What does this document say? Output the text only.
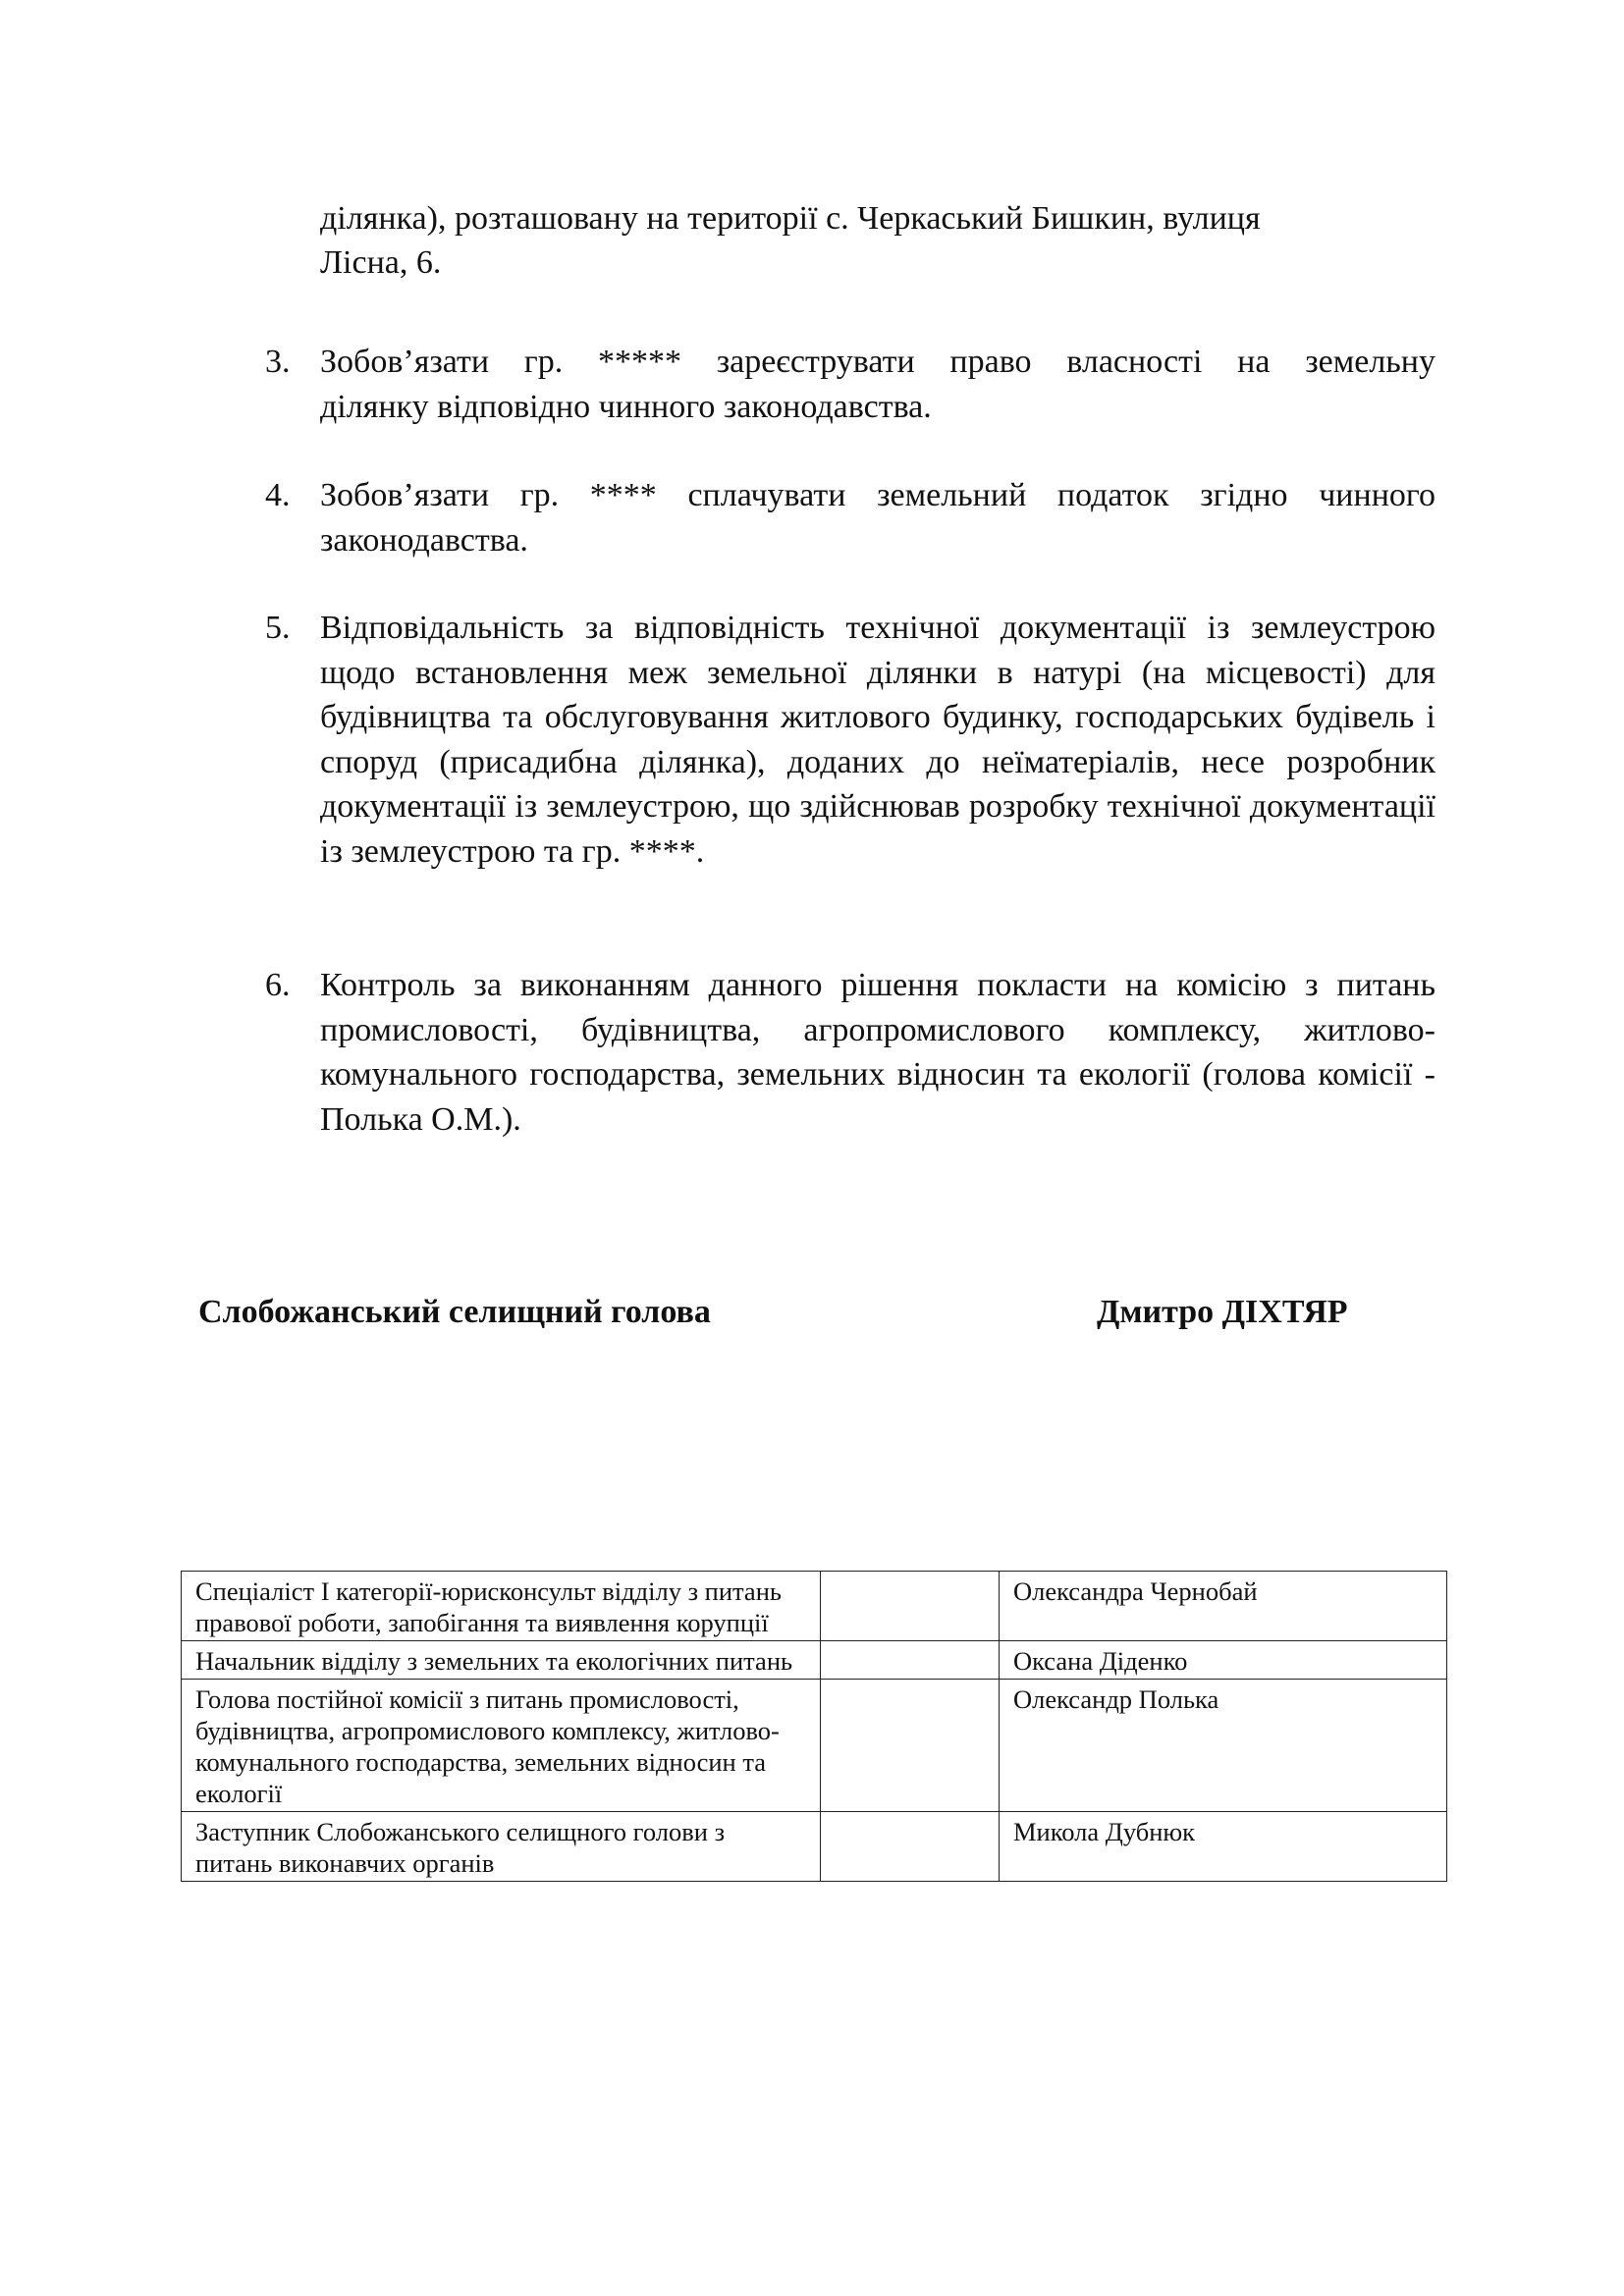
ділянка), розташовану на території с. Черкаський Бишкин, вулиця
Лісна, 6.
3. Зобов’язати гр. ***** зареєструвати право власності на земельну
ділянку відповідно чинного законодавства.
4. Зобов’язати гр. **** сплачувати земельний податок згідно чинного
законодавства.
5. Відповідальність за відповідність технічної документації із землеустрою щодо встановлення меж земельної ділянки в натурі (на місцевості) для будівництва та обслуговування житлового будинку, господарських будівель і споруд (присадибна ділянка), доданих до неїматеріалів, несе розробник документації із землеустрою, що здійснював розробку технічної документації із землеустрою та гр. ****.
6. Контроль за виконанням данного рішення покласти на комісію з питань промисловості, будівництва, агропромислового комплексу, житлово-комунального господарства, земельних відносин та екології (голова комісії - Полька О.М.).
Слобожанський селищний голова	Дмитро ДІХТЯР
Спеціаліст І категорії-юрисконсульт відділу з питань правової роботи, запобігання та виявлення корупції		Олександра Чернобай
Начальник відділу з земельних та екологічних питань		Оксана Діденко
Голова постійної комісії з питань промисловості, будівництва, агропромислового комплексу, житлово-комунального господарства, земельних відносин та екології		Олександр Полька
Заступник Слобожанського селищного голови з питань виконавчих органів		Микола Дубнюк
